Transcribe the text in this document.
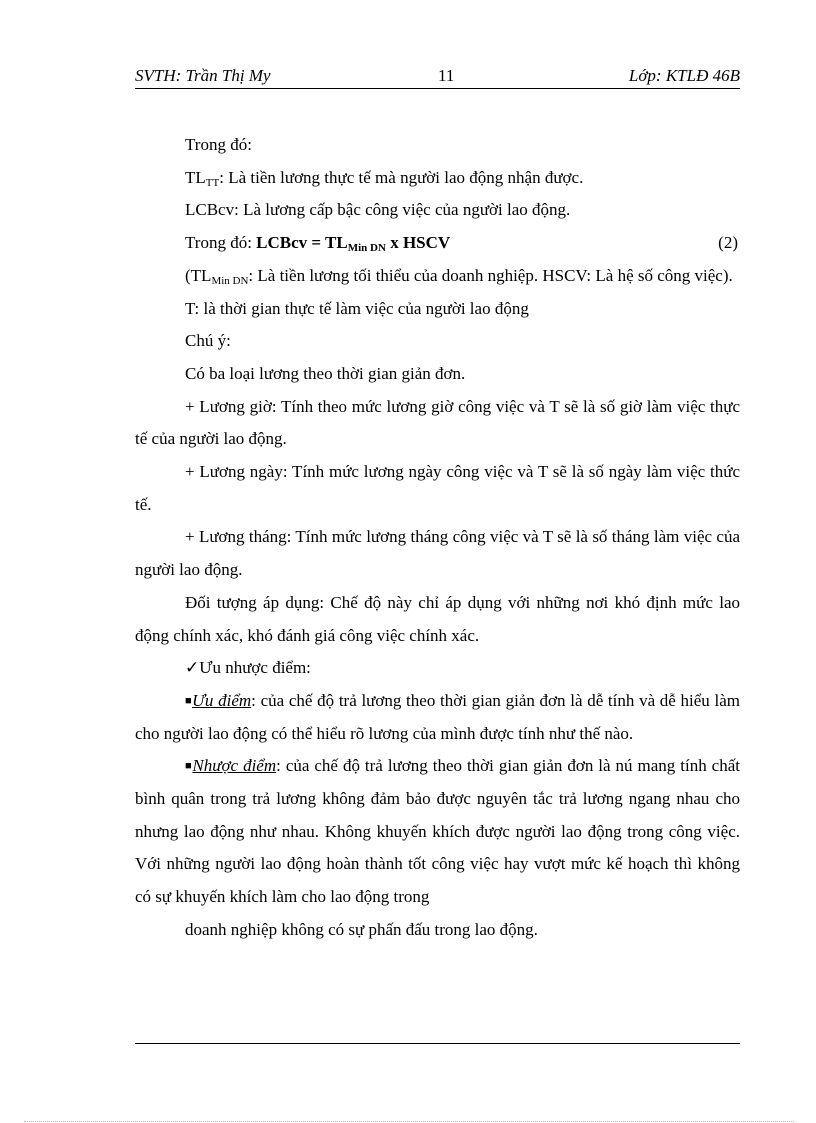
SVTH: Trần Thị My	11	Lớp: KTLĐ 46B

Trong đó:

$TL_{TT}$: Là tiền lương thực tế mà người lao động nhận được.

LCBcv: Là lương cấp bậc công việc của người lao động.

Trong đó: LCBcv = $TL_{Min DN}$ x HSCV	(2)

($TL_{Min DN}$: Là tiền lương tối thiểu của doanh nghiệp. HSCV: Là hệ số công việc).

T: là thời gian thực tế làm việc của người lao động

Chú ý:

Có ba loại lương theo thời gian giản đơn.

+ Lương giờ: Tính theo mức lương giờ công việc và T sẽ là số giờ làm việc thực tế của người lao động.

+ Lương ngày: Tính mức lương ngày công việc và T sẽ là số ngày làm việc thức tế.

+ Lương tháng: Tính mức lương tháng công việc và T sẽ là số tháng làm việc của người lao động.

Đối tượng áp dụng: Chế độ này chỉ áp dụng với những nơi khó định mức lao động chính xác, khó đánh giá công việc chính xác.

✓Ưu nhược điểm:

■Ưu điểm: của chế độ trả lương theo thời gian giản đơn là dễ tính và dễ hiểu làm cho người lao động có thể hiểu rõ lương của mình được tính như thế nào.

■Nhược điểm: của chế độ trả lương theo thời gian giản đơn là nú mang tính chất bình quân trong trả lương không đảm bảo được nguyên tắc trả lương ngang nhau cho nhưng lao động như nhau. Không khuyến khích được người lao động trong công việc. Với những người lao động hoàn thành tốt công việc hay vượt mức kế hoạch thì không có sự khuyến khích làm cho lao động trong

doanh nghiệp không có sự phấn đấu trong lao động.
